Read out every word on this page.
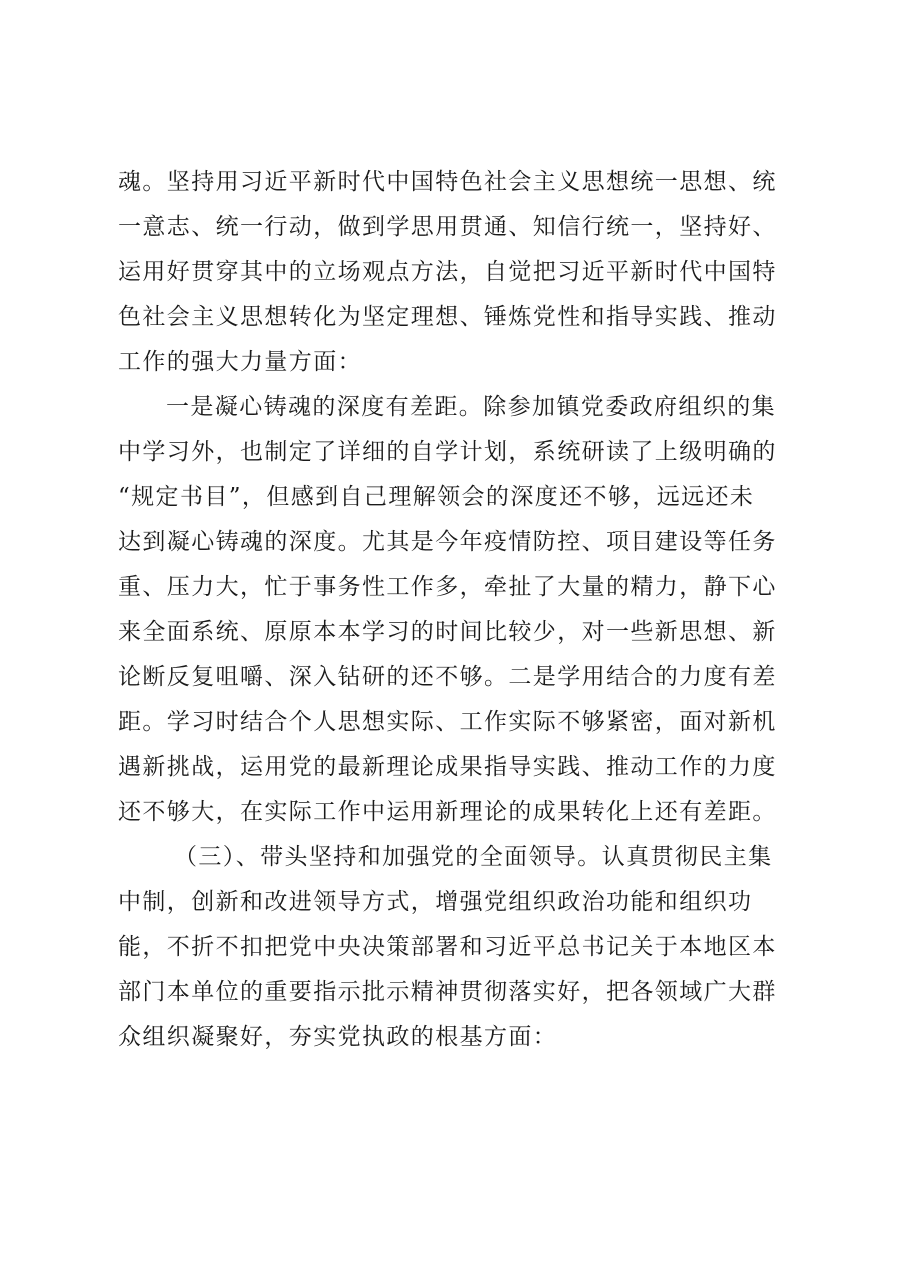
魂。坚持用习近平新时代中国特色社会主义思想统一思想、统
一意志、统一行动，做到学思用贯通、知信行统一，坚持好、
运用好贯穿其中的立场观点方法，自觉把习近平新时代中国特
色社会主义思想转化为坚定理想、锤炼党性和指导实践、推动
工作的强大力量方面：
一是凝心铸魂的深度有差距。除参加镇党委政府组织的集
中学习外，也制定了详细的自学计划，系统研读了上级明确的
“规定书目”，但感到自己理解领会的深度还不够，远远还未
达到凝心铸魂的深度。尤其是今年疫情防控、项目建设等任务
重、压力大，忙于事务性工作多，牵扯了大量的精力，静下心
来全面系统、原原本本学习的时间比较少，对一些新思想、新
论断反复咀嚼、深入钻研的还不够。二是学用结合的力度有差
距。学习时结合个人思想实际、工作实际不够紧密，面对新机
遇新挑战，运用党的最新理论成果指导实践、推动工作的力度
还不够大，在实际工作中运用新理论的成果转化上还有差距。
（三）、带头坚持和加强党的全面领导。认真贯彻民主集
中制，创新和改进领导方式，增强党组织政治功能和组织功
能，不折不扣把党中央决策部署和习近平总书记关于本地区本
部门本单位的重要指示批示精神贯彻落实好，把各领域广大群
众组织凝聚好，夯实党执政的根基方面：
